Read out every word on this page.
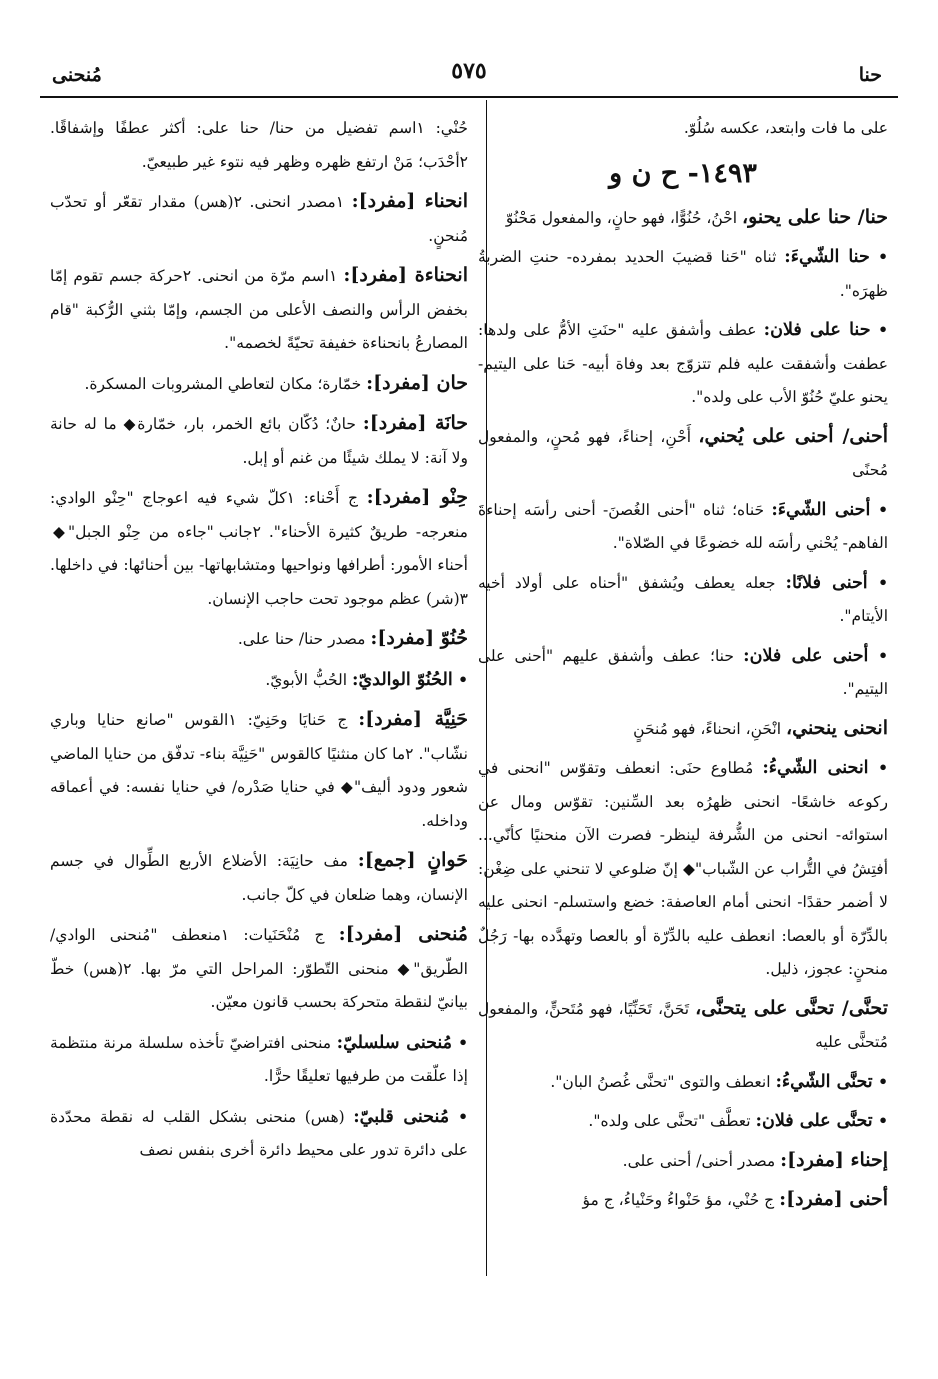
حنا
٥٧٥
مُنحنى
على ما فات وابتعد، عكسه سُلُوّ.
١٤٩٣- ح ن و
حنا/ حنا على يحنو، احْنُ، حُنُوًّا، فهو حانٍ، والمفعول مَحْنُوّ
• حنا الشّيءَ: ثناه "حَنا قضيبَ الحديد بمفرده- حنتِ الضربةُ ظهرَه".
• حنا على فلان: عطف وأشفق عليه "حنَتِ الأمُّ على ولدها: عطفت وأشفقت عليه فلم تتزوّج بعد وفاة أبيه- حَنا على اليتيم- يحنو عليّ حُنُوّ الأب على ولده".
أحنى/ أحنى على يُحني، أَحْنِ، إحناءً، فهو مُحنٍ، والمفعول مُحنًى
• أحنى الشّيءَ: حَناه؛ ثناه "أحنى الغُصنَ- أحنى رأسَه إحناءةَ الفاهم- يُحْني رأسَه لله خضوعًا في الصّلاة".
• أحنى فلانًا: جعله يعطف ويُشفق "أحناه على أولاد أخيه الأيتام".
• أحنى على فلان: حنا؛ عطف وأشفق عليهم "أحنى على اليتيم".
انحنى ينحني، انْحَنِ، انحناءً، فهو مُنحَنٍ
• انحنى الشّيءُ: مُطاوع حنَى: انعطف وتقوّس "انحنى في ركوعه خاشعًا- انحنى ظهرُه بعد السِّنين: تقوّس ومال عن استوائه- انحنى من الشُّرفة لينظر- فصرت الآن منحنيًا كأنّي... أفتِشُ في التُّراب عن الشّباب"◆ إنّ ضلوعي لا تنحني على ضِغْن: لا أضمر حقدًا- انحنى أمام العاصفة: خضع واستسلم- انحنى عليه بالدِّرّة أو بالعصا: انعطف عليه بالدِّرّة أو بالعصا وتهدَّده بها- رَجُلٌ منحنٍ: عجوز، ذليل.
تحنَّى/ تحنَّى على يتحنَّى، تَحَنَّ، تَحَنِّيًا، فهو مُتَحنٍّ، والمفعول مُتحنًّى عليه
• تحنَّى الشّيءُ: انعطف والتوى "تحنَّى غُصنُ البان".
• تحنَّى على فلان: تعطَّف "تحنَّى على ولده".
إحناء [مفرد]: مصدر أحنى/ أحنى على.
أحنى [مفرد]: ج حُنْي، مؤ حَنْواءُ وحَنْياءُ، ج مؤ
حُنْي: ١اسم تفضيل من حنا/ حنا على: أكثر عطفًا وإشفاقًا. ٢أحْدَب؛ مَنْ ارتفع ظهره وظهر فيه نتوء غير طبيعيّ.
انحناء [مفرد]: ١مصدر انحنى. ٢(هس) مقدار تقعّر أو تحدّب مُنحنٍ.
انحناءة [مفرد]: ١اسم مرّة من انحنى. ٢حركة جسم تقوم إمّا بخفض الرأس والنصف الأعلى من الجسم، وإمّا بثني الرُّكبة "قام المصارعُ بانحناءة خفيفة تحيّةً لخصمه".
حان [مفرد]: خمّارة؛ مكان لتعاطي المشروبات المسكرة.
حانَة [مفرد]: حانٌ؛ دُكّان بائع الخمر، بار، خمّارة◆ ما له حانة ولا آنة: لا يملك شيئًا من غنم أو إبل.
حِنْو [مفرد]: ج أَحْناء: ١كلّ شيء فيه اعوجاج "حِنْو الوادي: منعرجه- طريقٌ كثيرة الأحناء". ٢جانب "جاءه من حِنْو الجبل"◆ أحناء الأمور: أطرافها ونواحيها ومتشابهاتها- بين أحنائها: في داخلها. ٣(شر) عظم موجود تحت حاجب الإنسان.
حُنُوّ [مفرد]: مصدر حنا/ حنا على.
• الحُنُوّ الوالديّ: الحُبُّ الأبويّ.
حَنِيَّة [مفرد]: ج حَنايَا وحَنِيّ: ١القوس "صانع حنايا وباري نشّاب". ٢ما كان منثنيًا كالقوس "حَنِيَّة بناء- تدفّق من حنايا الماضي شعور ودود أليف"◆ في حنايا صَدْره/ في حنايا نفسه: في أعماقه وداخله.
حَوانٍ [جمع]: مف حانِيَة: الأضلاع الأربع الطِّوال في جسم الإنسان، وهما ضلعان في كلّ جانب.
مُنحنى [مفرد]: ج مُنْحَنَيات: ١منعطف "مُنحنى الوادي/ الطّريق"◆ منحنى التّطوّر: المراحل التي مرّ بها. ٢(هس) خطّ بيانيّ لنقطة متحركة بحسب قانون معيّن.
• مُنحنى سلسليّ: منحنى افتراضيّ تأخذه سلسلة مرنة منتظمة إذا علّقت من طرفيها تعليقًا حرًّا.
• مُنحنى قلبيّ: (هس) منحنى بشكل القلب له نقطة محدّدة على دائرة تدور على محيط دائرة أخرى بنفس نصف
